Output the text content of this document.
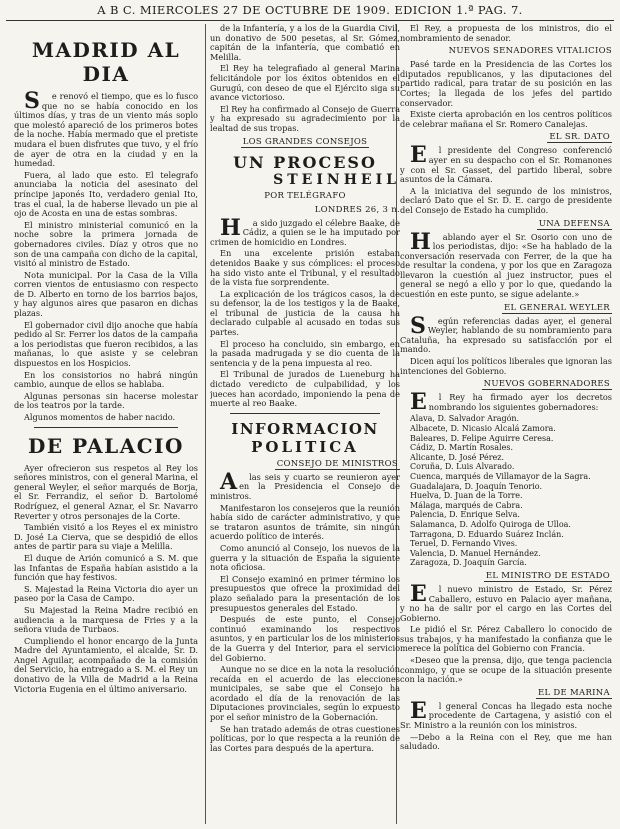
A B C. MIERCOLES 27 DE OCTUBRE DE 1909. EDICION 1.ª PAG. 7.
MADRID AL DIA

Se renovó el tiempo, que es lo fusco que no se había conocido en los últimos días, y tras de un viento más soplo que molestó apareció de los primeros botes de la noche. Había mermado que el pretiste mudara el buen disfrutes que tuvo, y el frío de ayer de otra en la ciudad y en la humedad.

Fuera, al lado que esto. El telegrafo anunciaba la noticia del asesinato del príncipe japonés Ito, verdadero genial Ito, tras el cual, la de haberse llevado un pie al ojo de Acosta en una de estas sombras.

El ministro ministerial comunicó en la noche sobre la primera jornada de gobernadores civiles. Díaz y otros que no son de una campaña con dicho de la capital, visitó al ministro de Estado.

Nota municipal. Por la Casa de la Villa corren vientos de entusiasmo con respecto de D. Alberto en torno de los barrios bajos, y hay algunos aires que pasaron en dichas plazas.

El gobernador civil dijo anoche que había pedido al Sr. Ferrer los datos de la campaña a los periodistas que fueron recibidos, a las mañanas, lo que asiste y se celebran dispuestos en los Hospicios.

En los consistorios no habrá ningún cambio, aunque de ellos se hablaba.

Algunas personas sin hacerse molestar de los teatros por la tarde.

Algunos momentos de haber nacido.

DE PALACIO

Ayer ofrecieron sus respetos al Rey los señores ministros, con el general Marina, el general Weyler, el señor marqués de Borja, el Sr. Ferrandiz, el señor D. Bartolomé Rodríguez, el general Aznar, el Sr. Navarro Reverter y otros personajes de la Corte.

También visitó a los Reyes el ex ministro D. José La Cierva, que se despidió de ellos antes de partir para su viaje a Melilla.

El duque de Arión comunicó a S. M. que las Infantas de España habían asistido a la función que hay festivos.

S. Majestad la Reina Victoria dio ayer un paseo por la Casa de Campo.

Su Majestad la Reina Madre recibió en audiencia a la marquesa de Fries y a la señora viuda de Turbaos.

Cumpliendo el honor encargo de la Junta Madre del Ayuntamiento, el alcalde, Sr. D. Angel Aguilar, acompañado de la comisión del Servicio, ha entregado a S. M. el Rey un donativo de la Villa de Madrid a la Reina Victoria Eugenia en el último aniversario.

de la Infantería, y a los de la Guardia Civil, un donativo de 500 pesetas, al Sr. Gómez, capitán de la infantería, que combatió en Melilla.

El Rey ha telegrafiado al general Marina felicitándole por los éxitos obtenidos en el Gurugú, con deseo de que el Ejército siga su avance victorioso.

El Rey ha confirmado al Consejo de Guerra y ha expresado su agradecimiento por la lealtad de sus tropas.

LOS GRANDES CONSEJOS
UN PROCESO
STEINHEIL
POR TELÉGRAFO
LONDRES 26, 3 n.

Ha sido juzgado el célebre Baake, de Cádiz, a quien se le ha imputado por crimen de homicidio en Londres.

En una excelente prisión estaban detenidos Baake y sus cómplices: el proceso ha sido visto ante el Tribunal, y el resultado de la vista fue sorprendente.

La explicación de los trágicos casos, la de su defensor, la de los testigos y la de Baake, el tribunal de justicia de la causa ha declarado culpable al acusado en todas sus partes.

El proceso ha concluido, sin embargo, en la pasada madrugada y se dio cuenta de la sentencia y de la pena impuesta al reo.

El Tribunal de jurados de Lueneburg ha dictado veredicto de culpabilidad, y los jueces han acordado, imponiendo la pena de muerte al reo Baake.

INFORMACION
POLITICA
CONSEJO DE MINISTROS

Alas seis y cuarto se reunieron ayer en la Presidencia el Consejo de ministros.

Manifestaron los consejeros que la reunión había sido de carácter administrativo, y que se trataron asuntos de trámite, sin ningún acuerdo político de interés.

Como anunció al Consejo, los nuevos de la guerra y la situación de España la siguiente nota oficiosa.

El Consejo examinó en primer término los presupuestos que ofrece la proximidad del plazo señalado para la presentación de los presupuestos generales del Estado.

Después de este punto, el Consejo continuó examinando los respectivos asuntos, y en particular los de los ministerios de la Guerra y del Interior, para el servicio del Gobierno.

Aunque no se dice en la nota la resolución recaída en el acuerdo de las elecciones municipales, se sabe que el Consejo ha acordado el día de la renovación de las Diputaciones provinciales, según lo expuesto por el señor ministro de la Gobernación.

Se han tratado además de otras cuestiones políticas, por lo que respecta a la reunión de las Cortes para después de la apertura.

El Rey, a propuesta de los ministros, dio el nombramiento de senador.

NUEVOS SENADORES VITALICIOS

Pasé tarde en la Presidencia de las Cortes los diputados republicanos, y las diputaciones del partido radical, para tratar de su posición en las Cortes; la llegada de los jefes del partido conservador.

Existe cierta aprobación en los centros políticos de celebrar mañana el Sr. Romero Canalejas.

EL SR. DATO

El presidente del Congreso conferenció ayer en su despacho con el Sr. Romanones y con el Sr. Gasset, del partido liberal, sobre asuntos de la Cámara.

A la iniciativa del segundo de los ministros, declaró Dato que el Sr. D. E. cargo de presidente del Consejo de Estado ha cumplido.

UNA DEFENSA

Hablando ayer el Sr. Osorio con uno de los periodistas, dijo: «Se ha hablado de la conversación reservada con Ferrer, de la que ha de resultar la condena, y por los que en Zaragoza llevaron la cuestión al juez instructor, pues el general se negó a ello y por lo que, quedando la cuestión en este punto, se sigue adelante.»

EL GENERAL WEYLER

Según referencias dadas ayer, el general Weyler, hablando de su nombramiento para Cataluña, ha expresado su satisfacción por el mando.

Dicen aquí los políticos liberales que ignoran las intenciones del Gobierno.

NUEVOS GOBERNADORES

El Rey ha firmado ayer los decretos nombrando los siguientes gobernadores:

Alava, D. Salvador Aragón.
Albacete, D. Nicasio Alcalá Zamora.
Baleares, D. Felipe Aguirre Ceresa.
Cádiz, D. Martín Rosales.
Alicante, D. José Pérez.
Coruña, D. Luis Alvarado.
Cuenca, marqués de Villamayor de la Sagra.
Guadalajara, D. Joaquín Tenorio.
Huelva, D. Juan de la Torre.
Málaga, marqués de Cabra.
Palencia, D. Enrique Selva.
Salamanca, D. Adolfo Quiroga de Ulloa.
Tarragona, D. Eduardo Suárez Inclán.
Teruel, D. Fernando Vives.
Valencia, D. Manuel Hernández.
Zaragoza, D. Joaquín García.
EL MINISTRO DE ESTADO

El nuevo ministro de Estado, Sr. Pérez Caballero, estuvo en Palacio ayer mañana, y no ha de salir por el cargo en las Cortes del Gobierno.

Le pidió el Sr. Pérez Caballero lo conocido de sus trabajos, y ha manifestado la confianza que le merece la política del Gobierno con Francia.

«Deseo que la prensa, dijo, que tenga paciencia conmigo, y que se ocupe de la situación presente con la nación.»

EL DE MARINA

El general Concas ha llegado esta noche procedente de Cartagena, y asistió con el Sr. Ministro a la reunión con los ministros.

—Debo a la Reina con el Rey, que me han saludado.
